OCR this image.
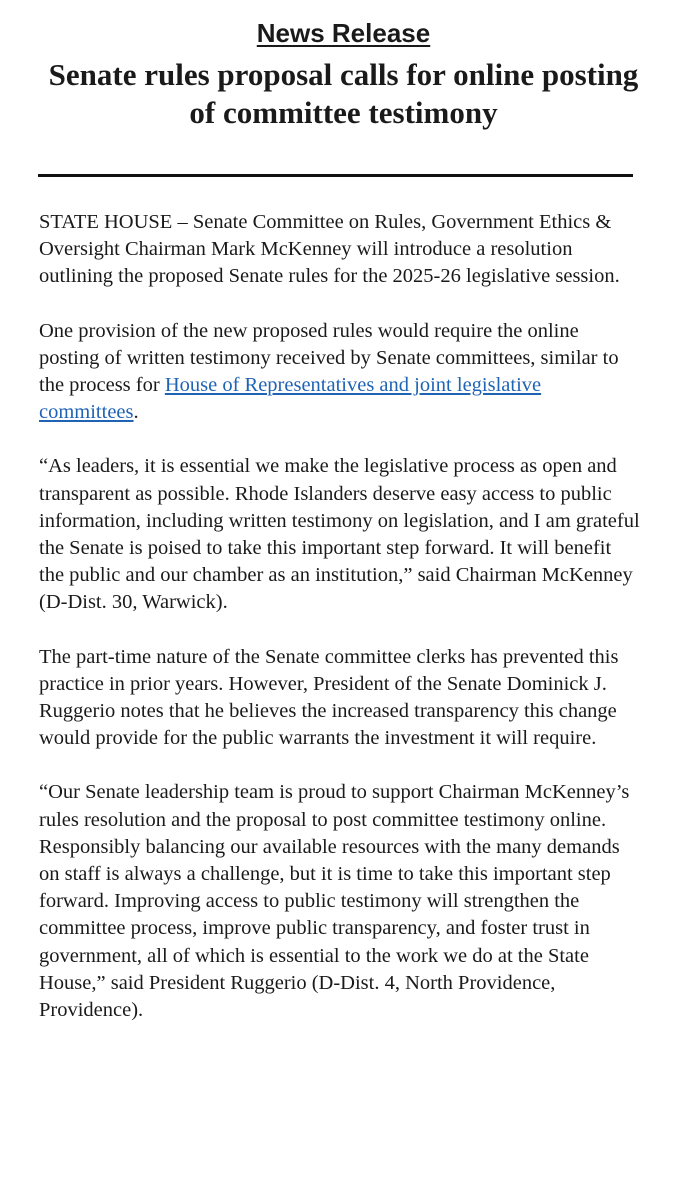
News Release
Senate rules proposal calls for online posting of committee testimony

STATE HOUSE – Senate Committee on Rules, Government Ethics & Oversight Chairman Mark McKenney will introduce a resolution outlining the proposed Senate rules for the 2025-26 legislative session.

One provision of the new proposed rules would require the online posting of written testimony received by Senate committees, similar to the process for House of Representatives and joint legislative committees.

“As leaders, it is essential we make the legislative process as open and transparent as possible. Rhode Islanders deserve easy access to public information, including written testimony on legislation, and I am grateful the Senate is poised to take this important step forward. It will benefit the public and our chamber as an institution,” said Chairman McKenney (D-Dist. 30, Warwick).

The part-time nature of the Senate committee clerks has prevented this practice in prior years. However, President of the Senate Dominick J. Ruggerio notes that he believes the increased transparency this change would provide for the public warrants the investment it will require.

“Our Senate leadership team is proud to support Chairman McKenney’s rules resolution and the proposal to post committee testimony online. Responsibly balancing our available resources with the many demands on staff is always a challenge, but it is time to take this important step forward. Improving access to public testimony will strengthen the committee process, improve public transparency, and foster trust in government, all of which is essential to the work we do at the State House,” said President Ruggerio (D-Dist. 4, North Providence, Providence).
